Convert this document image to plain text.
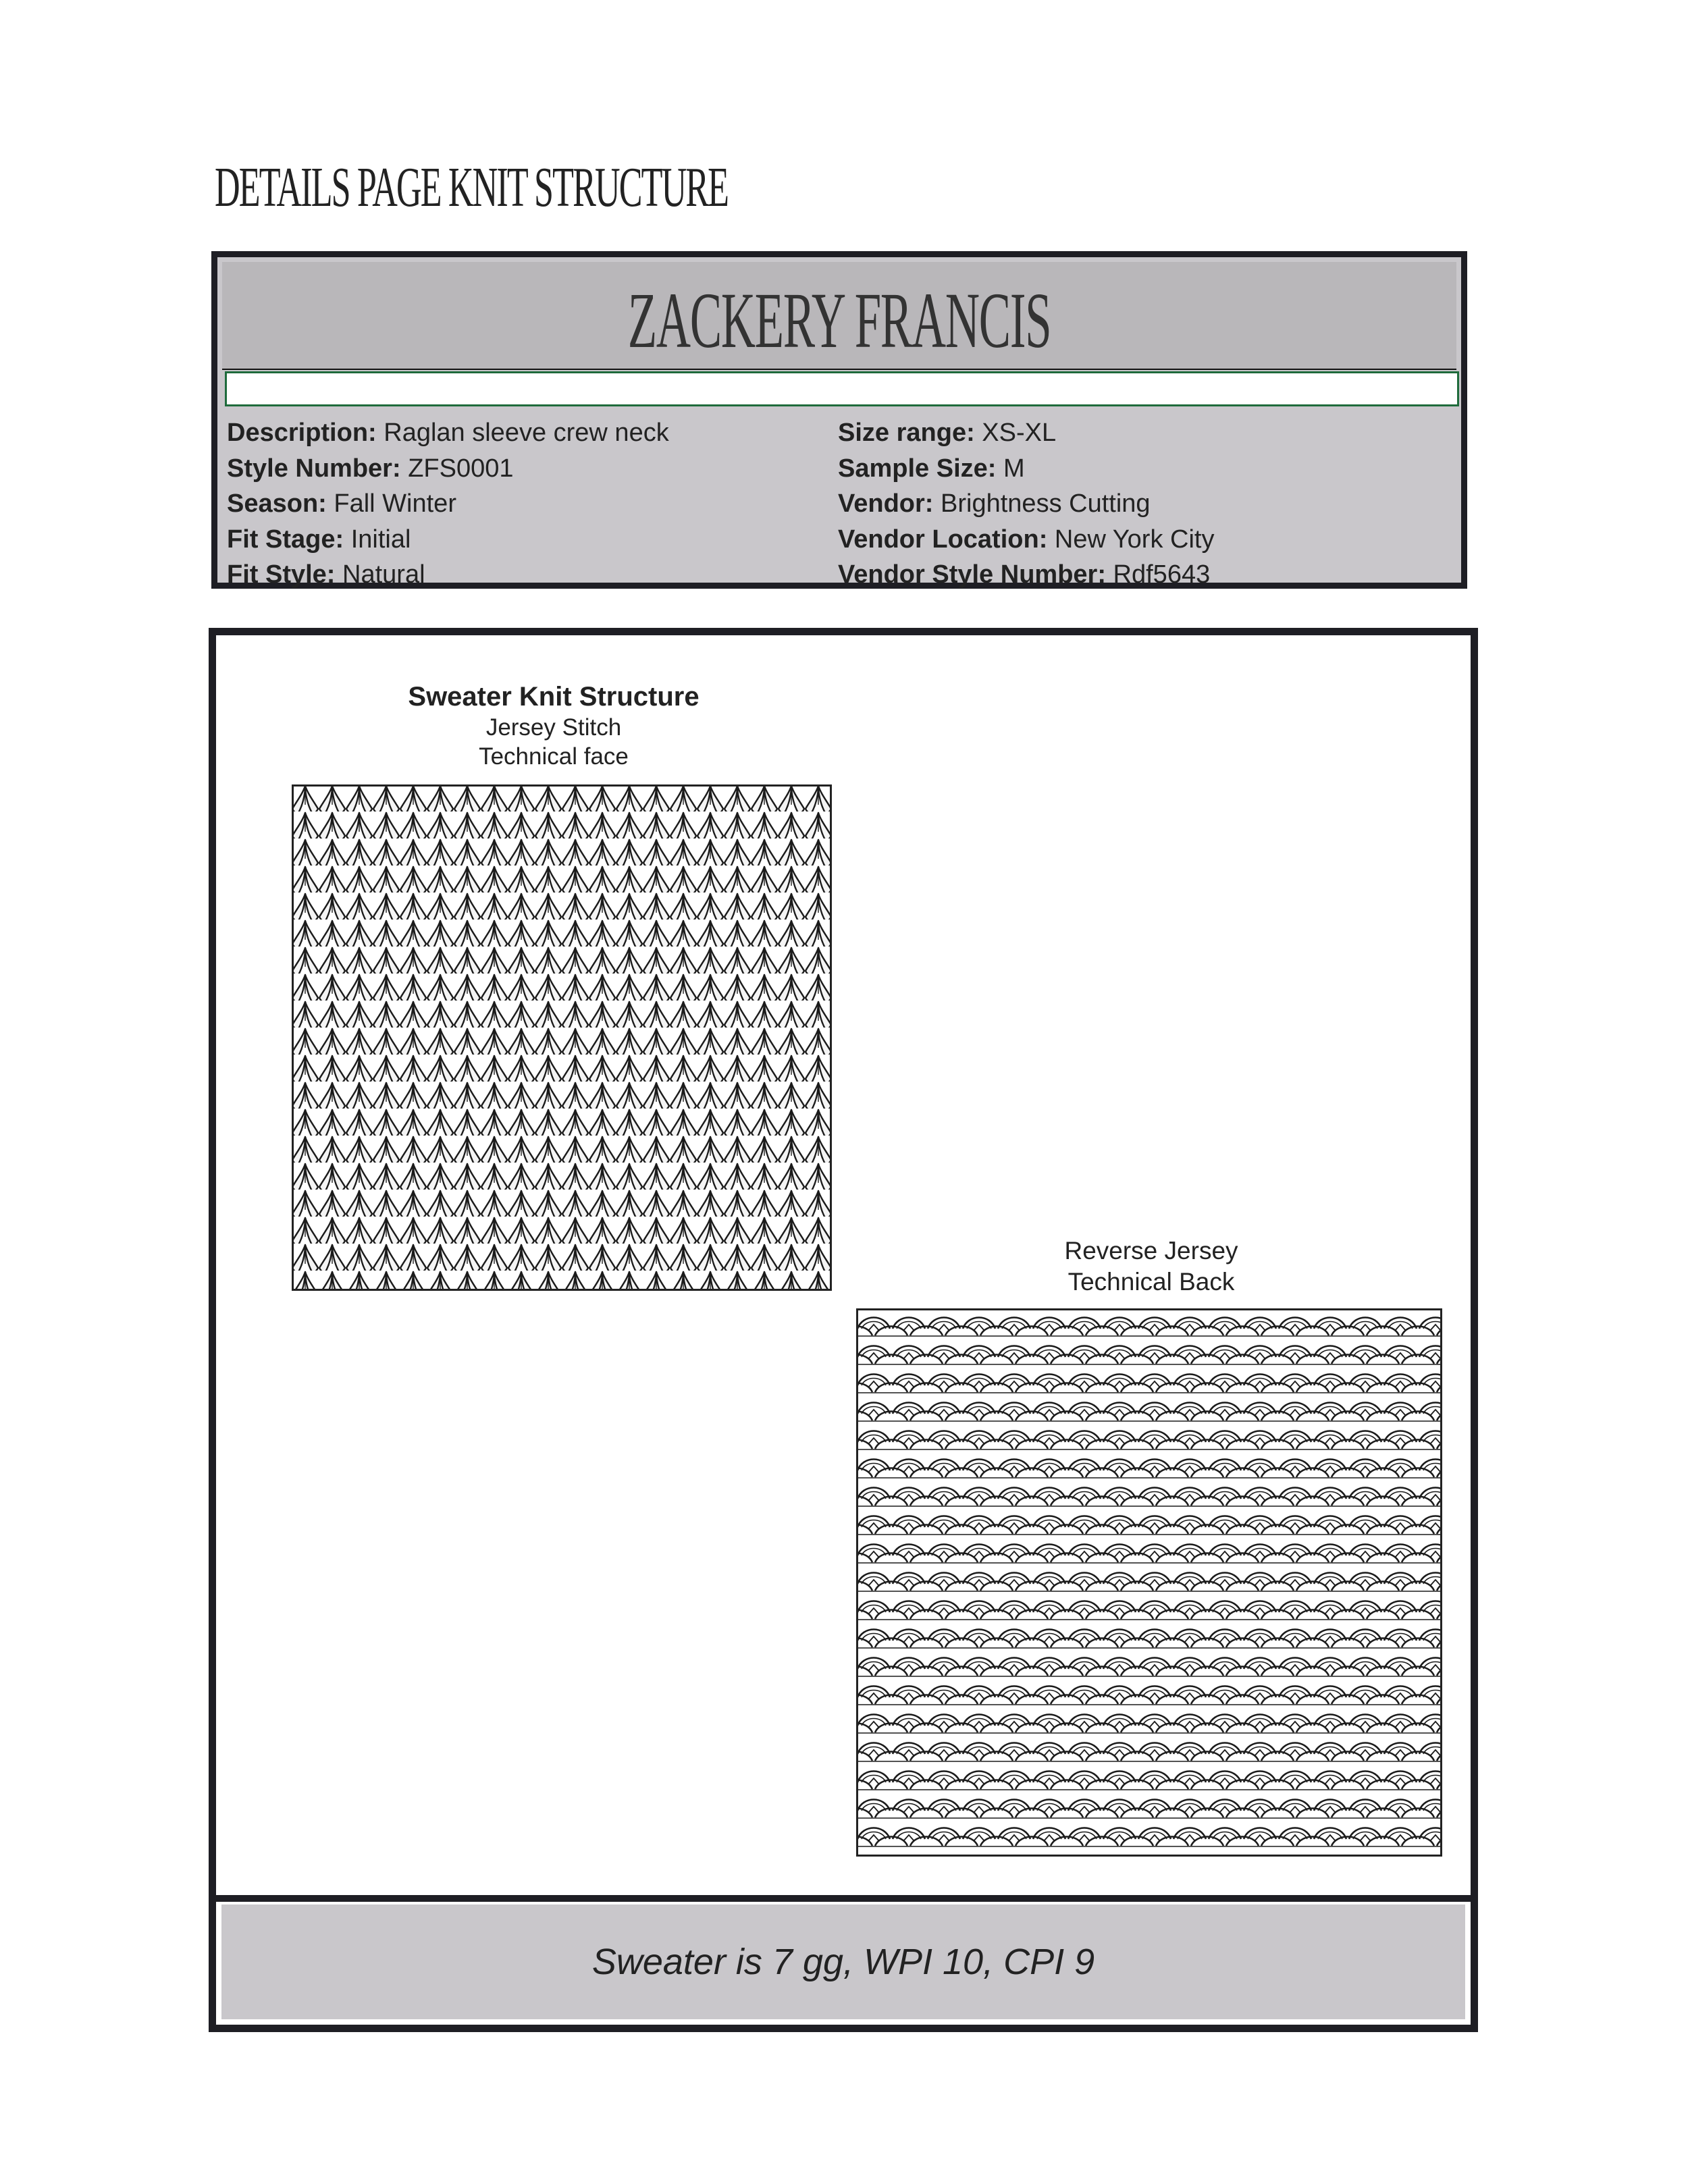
DETAILS PAGE KNIT STRUCTURE
ZACKERY FRANCIS
Description: Raglan sleeve crew neck
Style Number: ZFS0001
Season: Fall Winter
Fit Stage: Initial
Fit Style: Natural
Size range: XS-XL
Sample Size: M
Vendor: Brightness Cutting
Vendor Location: New York City
Vendor Style Number: Rdf5643
Sweater is 7 gg, WPI 10, CPI 9
Sweater Knit Structure
Jersey Stitch
Technical face
Reverse Jersey
Technical Back
